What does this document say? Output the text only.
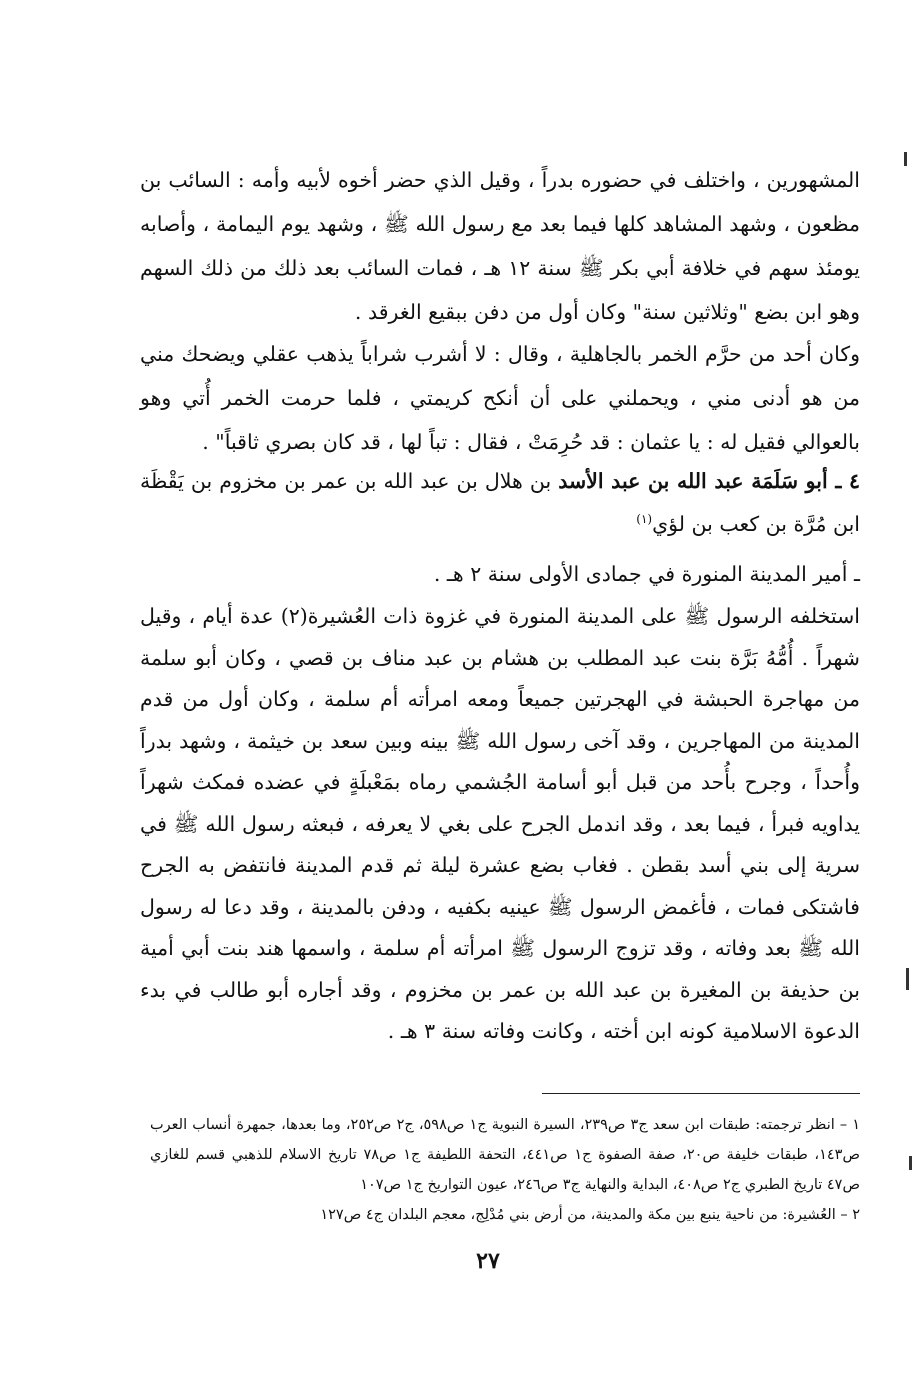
المشهورين ، واختلف في حضوره بدراً ، وقيل الذي حضر أخوه لأبيه وأمه : السائب بن مظعون ، وشهد المشاهد كلها فيما بعد مع رسول الله ﷺ ، وشهد يوم اليمامة ، وأصابه يومئذ سهم في خلافة أبي بكر ﷺ سنة ١٢ هـ ، فمات السائب بعد ذلك من ذلك السهم وهو ابن بضع "وثلاثين سنة" وكان أول من دفن ببقيع الغرقد .

وكان أحد من حرَّم الخمر بالجاهلية ، وقال : لا أشرب شراباً يذهب عقلي ويضحك مني من هو أدنى مني ، ويحملني على أن أنكح كريمتي ، فلما حرمت الخمر أُتي وهو بالعوالي فقيل له : يا عثمان : قد حُرِمَتْ ، فقال : تباً لها ، قد كان بصري ثاقباً" .

٤ ـ أبو سَلَمَة عبد الله بن عبد الأسد بن هلال بن عبد الله بن عمر بن مخزوم بن يَقْظَة ابن مُرَّة بن كعب بن لؤي$^{(١)}$

ـ أمير المدينة المنورة في جمادى الأولى سنة ٢ هـ .

استخلفه الرسول ﷺ على المدينة المنورة في غزوة ذات العُشيرة(٢) عدة أيام ، وقيل شهراً . أُمُّهُ بَرَّة بنت عبد المطلب بن هشام بن عبد مناف بن قصي ، وكان أبو سلمة من مهاجرة الحبشة في الهجرتين جميعاً ومعه امرأته أم سلمة ، وكان أول من قدم المدينة من المهاجرين ، وقد آخى رسول الله ﷺ بينه وبين سعد بن خيثمة ، وشهد بدراً وأُحداً ، وجرح بأُحد من قبل أبو أسامة الجُشمي رماه بمَعْبلَةٍ في عضده فمكث شهراً يداويه فبرأ ، فيما بعد ، وقد اندمل الجرح على بغي لا يعرفه ، فبعثه رسول الله ﷺ في سرية إلى بني أسد بقطن . فغاب بضع عشرة ليلة ثم قدم المدينة فانتفض به الجرح فاشتكى فمات ، فأغمض الرسول ﷺ عينيه بكفيه ، ودفن بالمدينة ، وقد دعا له رسول الله ﷺ بعد وفاته ، وقد تزوج الرسول ﷺ امرأته أم سلمة ، واسمها هند بنت أبي أمية بن حذيفة بن المغيرة بن عبد الله بن عمر بن مخزوم ، وقد أجاره أبو طالب في بدء الدعوة الاسلامية كونه ابن أخته ، وكانت وفاته سنة ٣ هـ .

١ – انظر ترجمته: طبقات ابن سعد ج٣ ص٢٣٩، السيرة النبوية ج١ ص٥٩٨، ج٢ ص٢٥٢، وما بعدها، جمهرة أنساب العرب ص١٤٣، طبقات خليفة ص٢٠، صفة الصفوة ج١ ص٤٤١، التحفة اللطيفة ج١ ص٧٨ تاريخ الاسلام للذهبي قسم للغازي ص٤٧ تاريخ الطبري ج٢ ص٤٠٨، البداية والنهاية ج٣ ص٢٤٦، عيون التواريخ ج١ ص١٠٧

٢ – العُشيرة: من ناحية ينبع بين مكة والمدينة، من أرض بني مُدْلِج، معجم البلدان ج٤ ص١٢٧

٢٧
